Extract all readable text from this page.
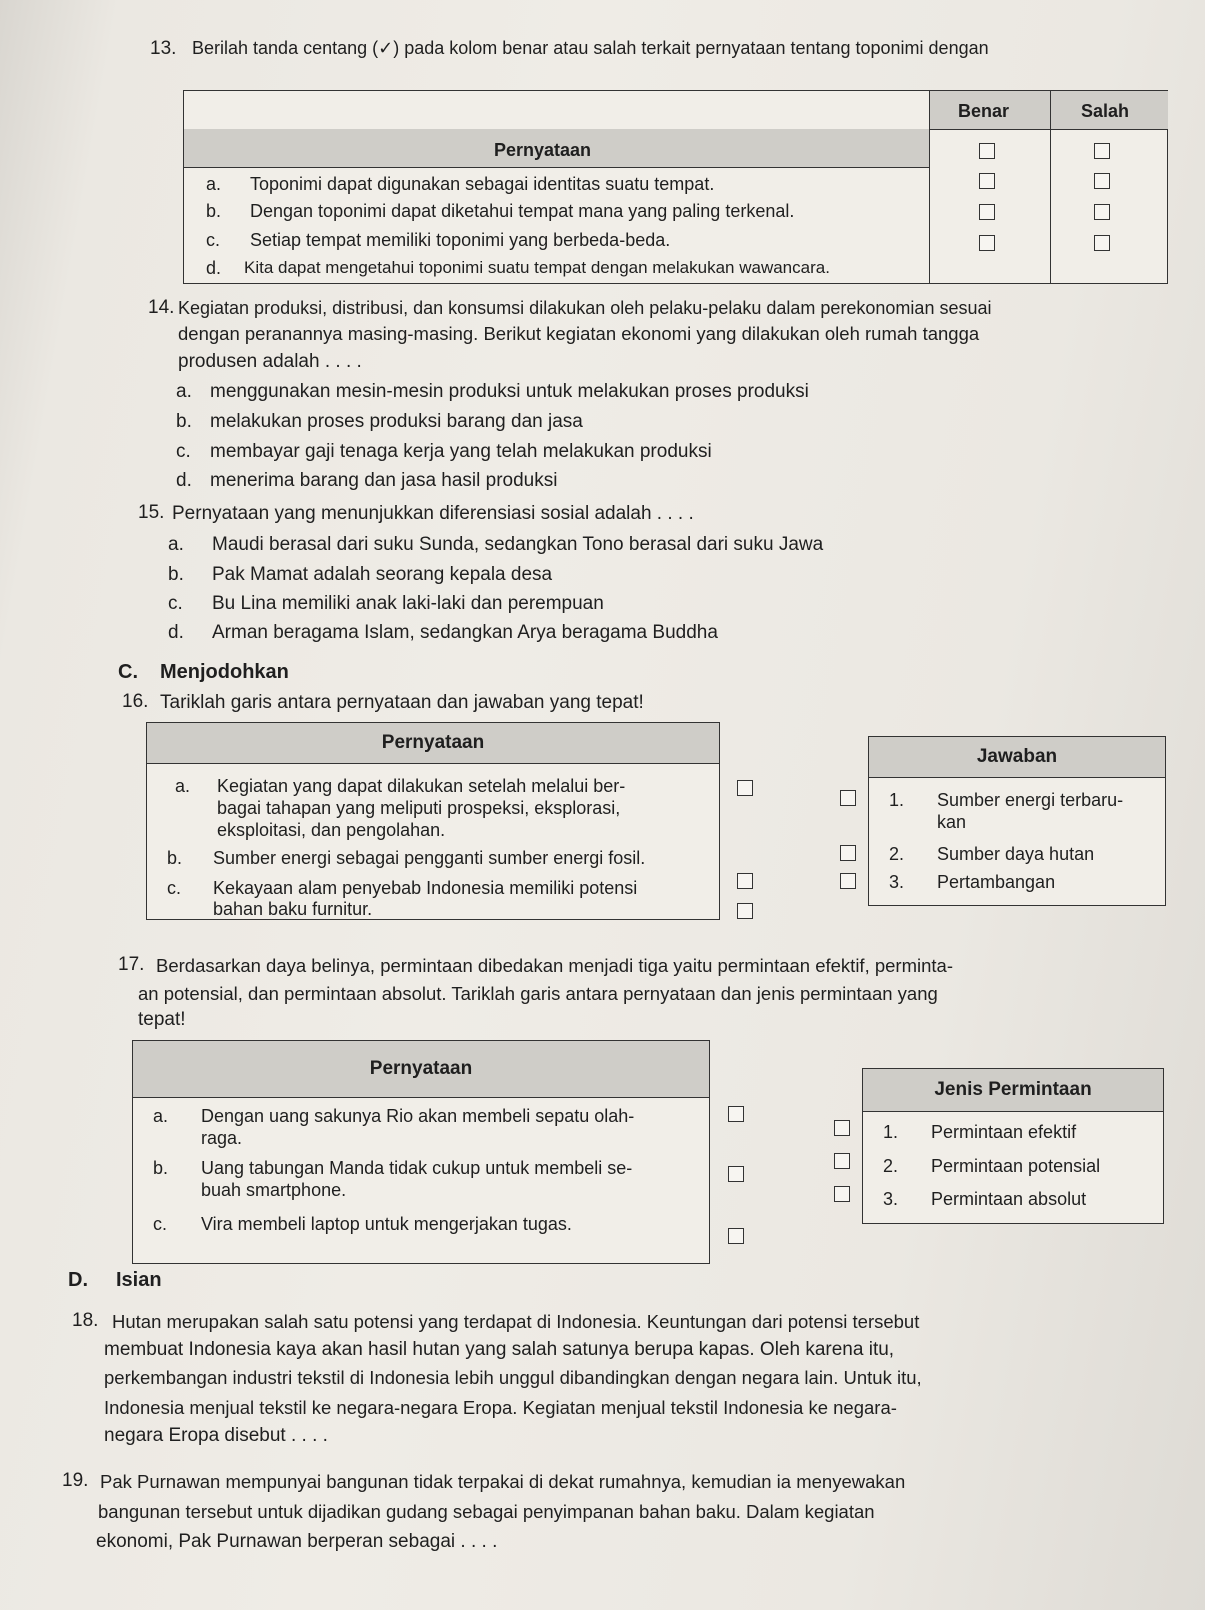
13. Berilah tanda centang (✓) pada kolom benar atau salah terkait pernyataan tentang toponimi dengan
Benar	Salah
Pernyataan
a. Toponimi dapat digunakan sebagai identitas suatu tempat.
b. Dengan toponimi dapat diketahui tempat mana yang paling terkenal.
c. Setiap tempat memiliki toponimi yang berbeda-beda.
d. Kita dapat mengetahui toponimi suatu tempat dengan melakukan wawancara.
14. Kegiatan produksi, distribusi, dan konsumsi dilakukan oleh pelaku-pelaku dalam perekonomian sesuai
dengan peranannya masing-masing. Berikut kegiatan ekonomi yang dilakukan oleh rumah tangga
produsen adalah . . . .
a. menggunakan mesin-mesin produksi untuk melakukan proses produksi
b. melakukan proses produksi barang dan jasa
c. membayar gaji tenaga kerja yang telah melakukan produksi
d. menerima barang dan jasa hasil produksi
15. Pernyataan yang menunjukkan diferensiasi sosial adalah . . . .
a. Maudi berasal dari suku Sunda, sedangkan Tono berasal dari suku Jawa
b. Pak Mamat adalah seorang kepala desa
c. Bu Lina memiliki anak laki-laki dan perempuan
d. Arman beragama Islam, sedangkan Arya beragama Buddha
C. Menjodohkan
16. Tariklah garis antara pernyataan dan jawaban yang tepat!
Pernyataan
a. Kegiatan yang dapat dilakukan setelah melalui ber-
bagai tahapan yang meliputi prospeksi, eksplorasi,
eksploitasi, dan pengolahan.
b. Sumber energi sebagai pengganti sumber energi fosil.
c. Kekayaan alam penyebab Indonesia memiliki potensi
bahan baku furnitur.
Jawaban
1. Sumber energi terbaru-
kan
2. Sumber daya hutan
3. Pertambangan
17. Berdasarkan daya belinya, permintaan dibedakan menjadi tiga yaitu permintaan efektif, perminta-
an potensial, dan permintaan absolut. Tariklah garis antara pernyataan dan jenis permintaan yang
tepat!
Pernyataan
a. Dengan uang sakunya Rio akan membeli sepatu olah-
raga.
b. Uang tabungan Manda tidak cukup untuk membeli se-
buah smartphone.
c. Vira membeli laptop untuk mengerjakan tugas.
Jenis Permintaan
1. Permintaan efektif
2. Permintaan potensial
3. Permintaan absolut
D. Isian
18. Hutan merupakan salah satu potensi yang terdapat di Indonesia. Keuntungan dari potensi tersebut
membuat Indonesia kaya akan hasil hutan yang salah satunya berupa kapas. Oleh karena itu,
perkembangan industri tekstil di Indonesia lebih unggul dibandingkan dengan negara lain. Untuk itu,
Indonesia menjual tekstil ke negara-negara Eropa. Kegiatan menjual tekstil Indonesia ke negara-
negara Eropa disebut . . . .
19. Pak Purnawan mempunyai bangunan tidak terpakai di dekat rumahnya, kemudian ia menyewakan
bangunan tersebut untuk dijadikan gudang sebagai penyimpanan bahan baku. Dalam kegiatan
ekonomi, Pak Purnawan berperan sebagai . . . .
